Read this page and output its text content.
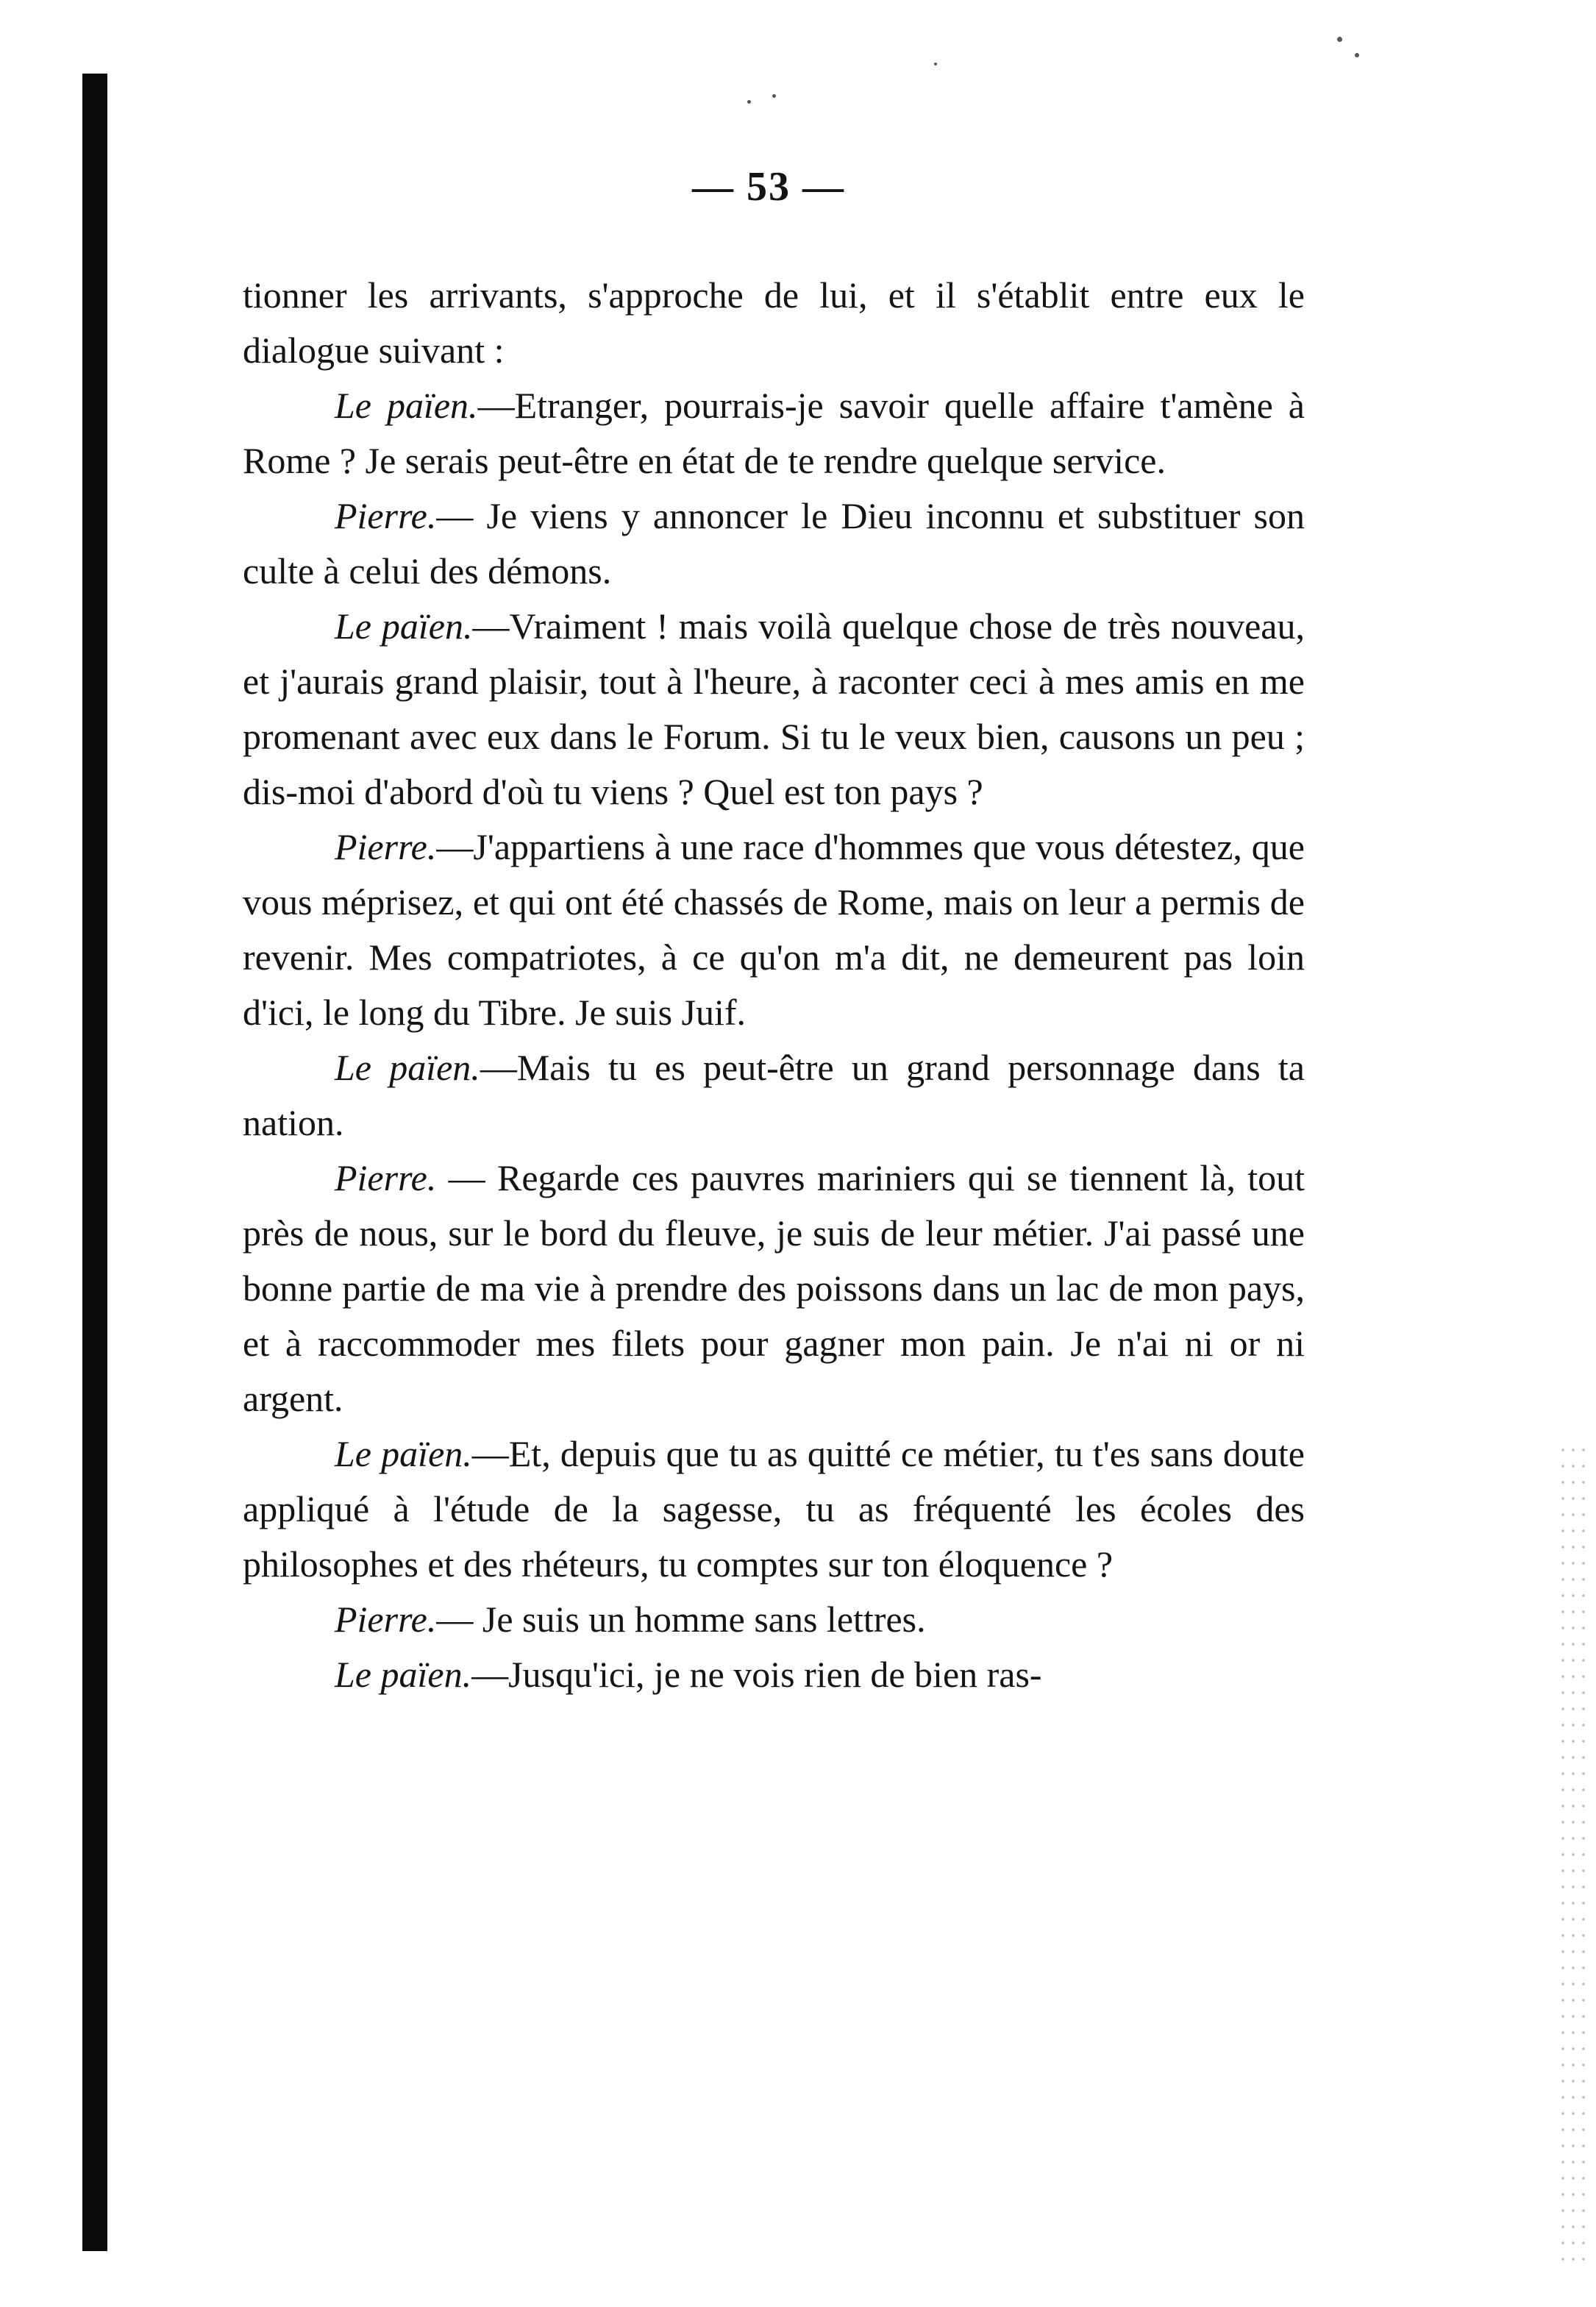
— 53 —

tionner les arrivants, s'approche de lui, et il s'établit entre eux le dialogue suivant :

Le païen.—Etranger, pourrais-je savoir quelle affaire t'amène à Rome ? Je serais peut-être en état de te rendre quelque service.

Pierre.— Je viens y annoncer le Dieu inconnu et substituer son culte à celui des démons.

Le païen.—Vraiment ! mais voilà quelque chose de très nouveau, et j'aurais grand plaisir, tout à l'heure, à raconter ceci à mes amis en me promenant avec eux dans le Forum. Si tu le veux bien, causons un peu ; dis-moi d'abord d'où tu viens ? Quel est ton pays ?

Pierre.—J'appartiens à une race d'hommes que vous détestez, que vous méprisez, et qui ont été chassés de Rome, mais on leur a permis de revenir. Mes compatriotes, à ce qu'on m'a dit, ne demeurent pas loin d'ici, le long du Tibre. Je suis Juif.

Le païen.—Mais tu es peut-être un grand personnage dans ta nation.

Pierre. — Regarde ces pauvres mariniers qui se tiennent là, tout près de nous, sur le bord du fleuve, je suis de leur métier. J'ai passé une bonne partie de ma vie à prendre des poissons dans un lac de mon pays, et à raccommoder mes filets pour gagner mon pain. Je n'ai ni or ni argent.

Le païen.—Et, depuis que tu as quitté ce métier, tu t'es sans doute appliqué à l'étude de la sagesse, tu as fréquenté les écoles des philosophes et des rhéteurs, tu comptes sur ton éloquence ?

Pierre.— Je suis un homme sans lettres.

Le païen.—Jusqu'ici, je ne vois rien de bien ras-
